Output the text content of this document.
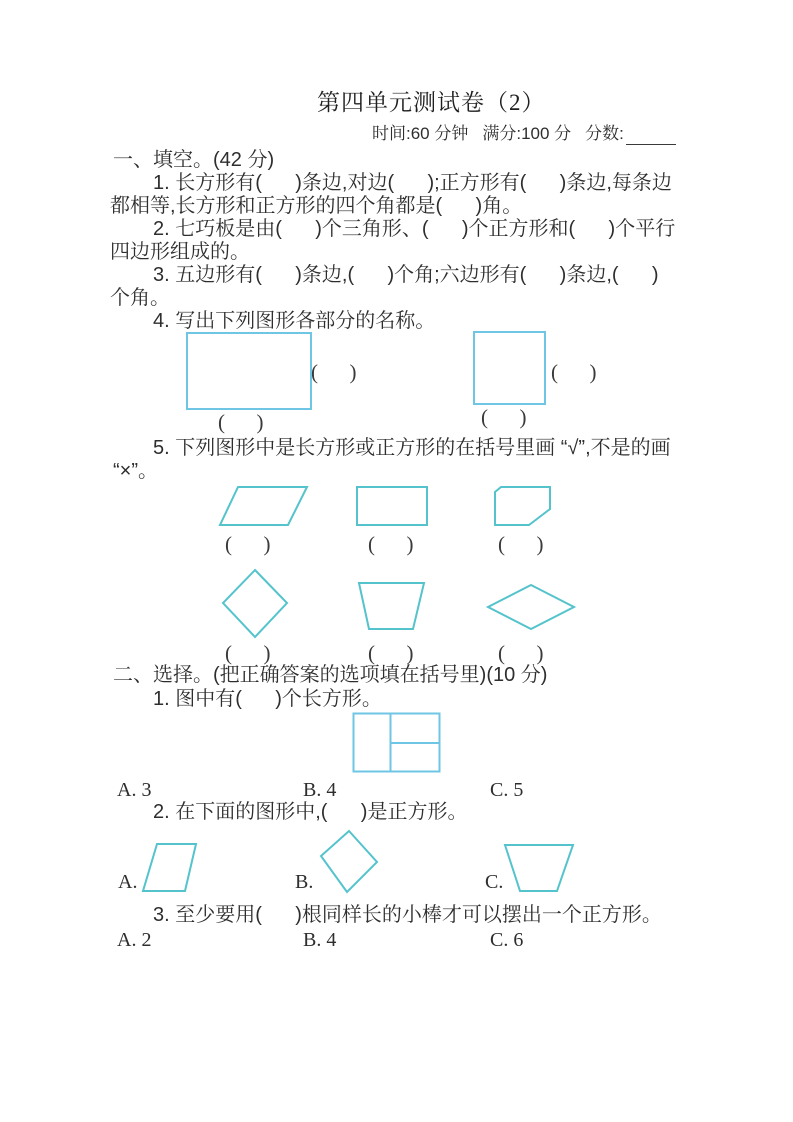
第四单元测试卷（2）
时间:60 分钟 满分:100 分 分数:
一、填空。(42 分)
1. 长方形有(      )条边,对边(      );正方形有(      )条边,每条边
都相等,长方形和正方形的四个角都是(      )角。
2. 七巧板是由(      )个三角形、(      )个正方形和(      )个平行
四边形组成的。
3. 五边形有(      )条边,(      )个角;六边形有(      )条边,(      )
个角。
4. 写出下列图形各部分的名称。
(      )
(      )
(      )
(      )
5. 下列图形中是长方形或正方形的在括号里画 “√”,不是的画
“×”。
(      )	(      )	(      )
(      )	(      )	(      )
二、选择。(把正确答案的选项填在括号里)(10 分)
1. 图中有(      )个长方形。
A. 3	B. 4	C. 5
2. 在下面的图形中,(      )是正方形。
A.	B.	C.
3. 至少要用(      )根同样长的小棒才可以摆出一个正方形。
A. 2	B. 4	C. 6
